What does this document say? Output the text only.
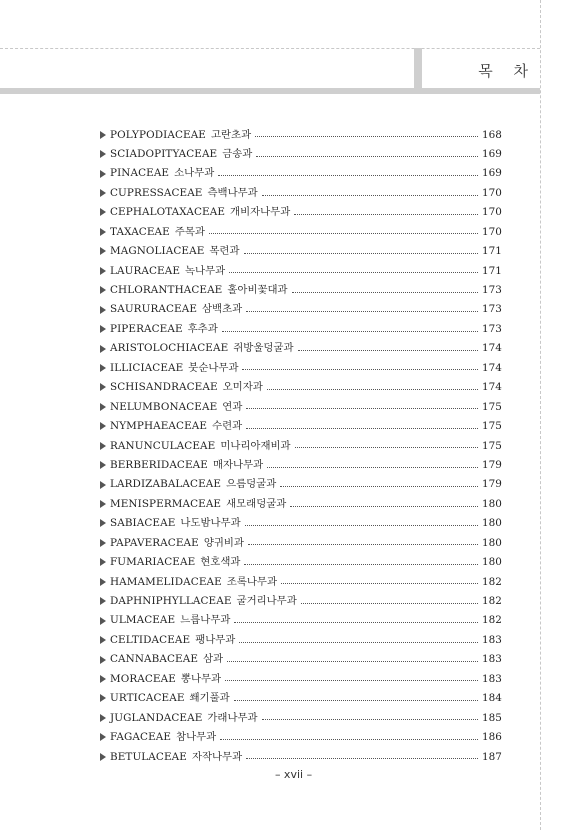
목 차
POLYPODIACEAE 고란초과	168
SCIADOPITYACEAE 금송과	169
PINACEAE 소나무과	169
CUPRESSACEAE 측백나무과	170
CEPHALOTAXACEAE 개비자나무과	170
TAXACEAE 주목과	170
MAGNOLIACEAE 목련과	171
LAURACEAE 녹나무과	171
CHLORANTHACEAE 홀아비꽃대과	173
SAURURACEAE 삼백초과	173
PIPERACEAE 후추과	173
ARISTOLOCHIACEAE 쥐방울덩굴과	174
ILLICIACEAE 붓순나무과	174
SCHISANDRACEAE 오미자과	174
NELUMBONACEAE 연과	175
NYMPHAEACEAE 수련과	175
RANUNCULACEAE 미나리아재비과	175
BERBERIDACEAE 매자나무과	179
LARDIZABALACEAE 으름덩굴과	179
MENISPERMACEAE 새모래덩굴과	180
SABIACEAE 나도밤나무과	180
PAPAVERACEAE 양귀비과	180
FUMARIACEAE 현호색과	180
HAMAMELIDACEAE 조록나무과	182
DAPHNIPHYLLACEAE 굴거리나무과	182
ULMACEAE 느릅나무과	182
CELTIDACEAE 팽나무과	183
CANNABACEAE 삼과	183
MORACEAE 뽕나무과	183
URTICACEAE 쐐기풀과	184
JUGLANDACEAE 가래나무과	185
FAGACEAE 참나무과	186
BETULACEAE 자작나무과	187
– xvii –
